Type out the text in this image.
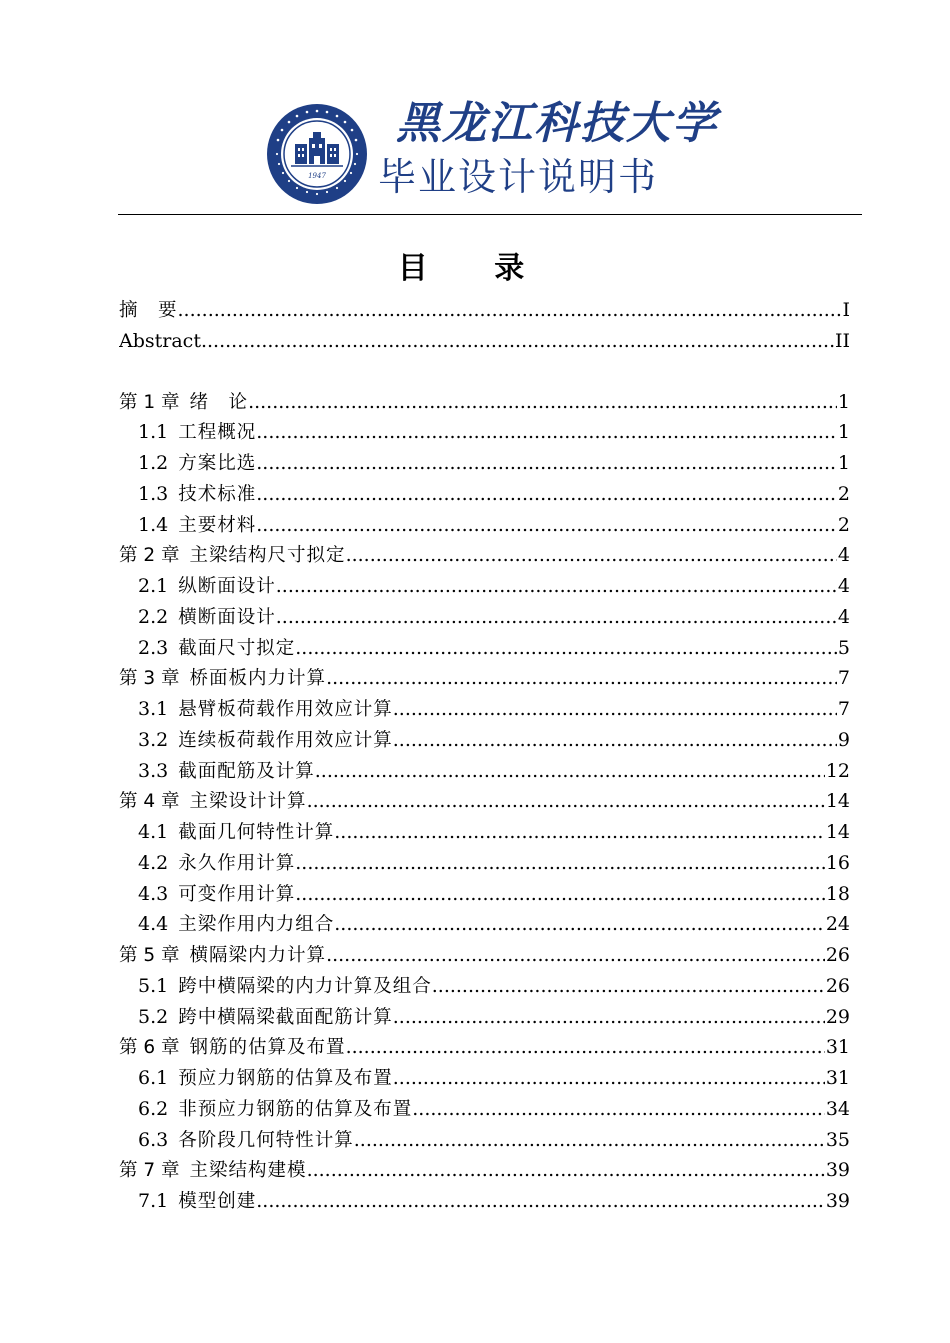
1947
黑龙江科技大学
毕业设计说明书
目 录
摘　要 .....	I
Abstract .....	II
第 1 章 绪　论 .....	1
1.1 工程概况 .....	1
1.2 方案比选 .....	1
1.3 技术标准 .....	2
1.4 主要材料 .....	2
第 2 章 主梁结构尺寸拟定 .....	4
2.1 纵断面设计 .....	4
2.2 横断面设计 .....	4
2.3 截面尺寸拟定 .....	5
第 3 章 桥面板内力计算 .....	7
3.1 悬臂板荷载作用效应计算 .....	7
3.2 连续板荷载作用效应计算 .....	9
3.3 截面配筋及计算 .....	12
第 4 章 主梁设计计算 .....	14
4.1 截面几何特性计算 .....	14
4.2 永久作用计算 .....	16
4.3 可变作用计算 .....	18
4.4 主梁作用内力组合 .....	24
第 5 章 横隔梁内力计算 .....	26
5.1 跨中横隔梁的内力计算及组合 .....	26
5.2 跨中横隔梁截面配筋计算 .....	29
第 6 章 钢筋的估算及布置 .....	31
6.1 预应力钢筋的估算及布置 .....	31
6.2 非预应力钢筋的估算及布置 .....	34
6.3 各阶段几何特性计算 .....	35
第 7 章 主梁结构建模 .....	39
7.1 模型创建 .....	39
